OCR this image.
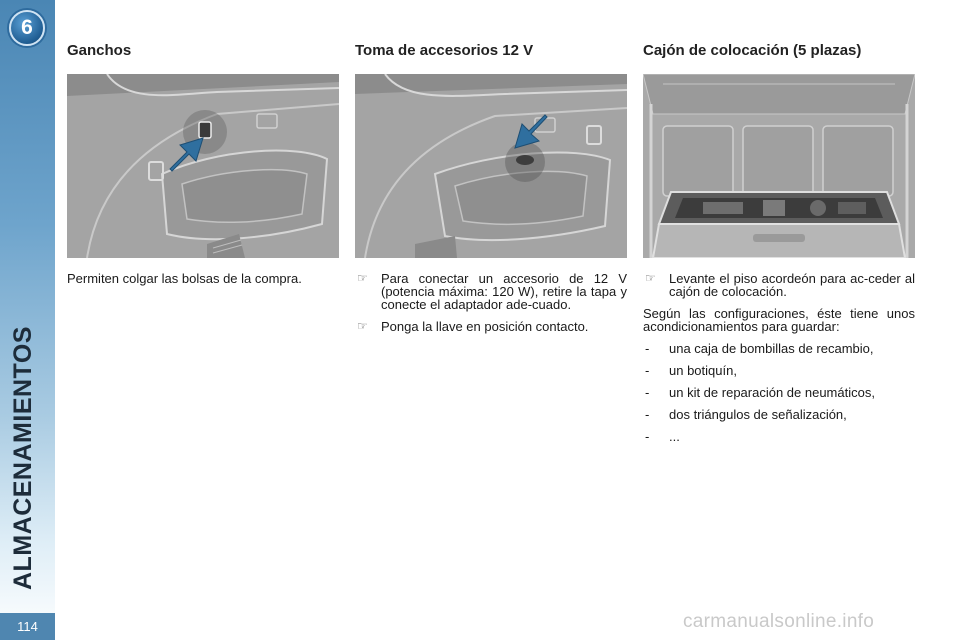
6
ALMACENAMIENTOS
114
Ganchos
Permiten colgar las bolsas de la compra.
Toma de accesorios 12 V
☞	Para conectar un accesorio de 12 V (potencia máxima: 120 W), retire la tapa y conecte el adaptador ade-cuado.
☞	Ponga la llave en posición contacto.
Cajón de colocación (5 plazas)
☞	Levante el piso acordeón para ac-ceder al cajón de colocación.
Según las configuraciones, éste tiene unos acondicionamientos para guardar:
-	una caja de bombillas de recambio,
-	un botiquín,
-	un kit de reparación de neumáticos,
-	dos triángulos de señalización,
-	...
carmanualsonline.info
